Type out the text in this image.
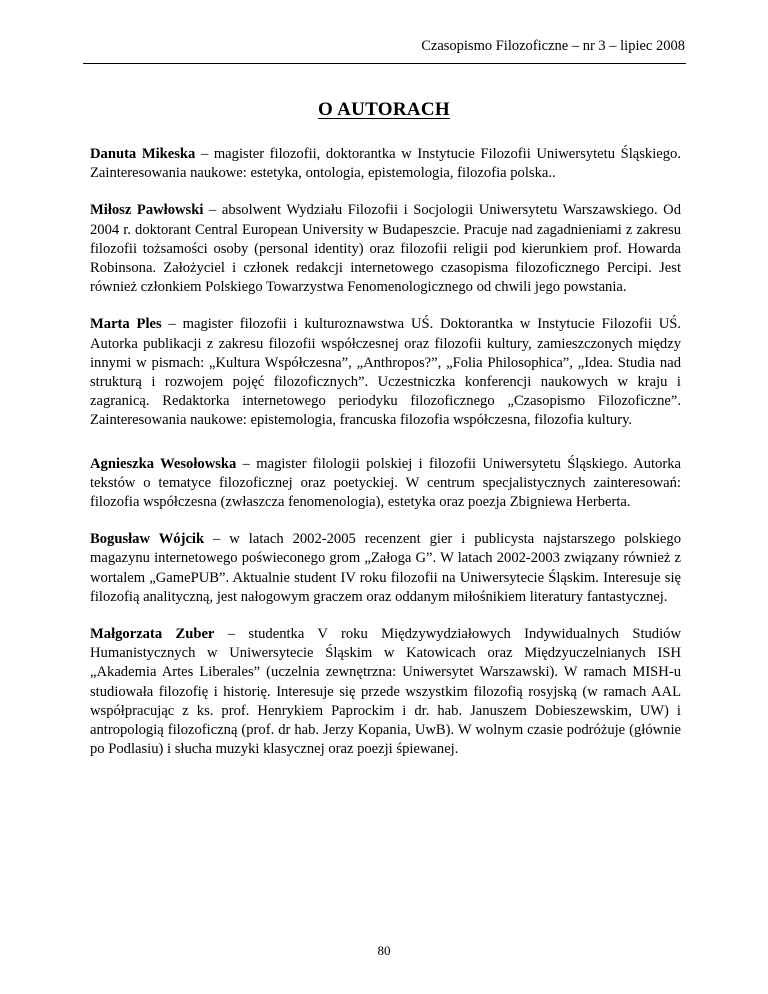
Czasopismo Filozoficzne – nr 3 – lipiec 2008
O AUTORACH

Danuta Mikeska – magister filozofii, doktorantka w Instytucie Filozofii Uniwersytetu Śląskiego. Zainteresowania naukowe: estetyka, ontologia, epistemologia, filozofia polska..

Miłosz Pawłowski – absolwent Wydziału Filozofii i Socjologii Uniwersytetu Warszawskiego. Od 2004 r. doktorant Central European University w Budapeszcie. Pracuje nad zagadnieniami z zakresu filozofii tożsamości osoby (personal identity) oraz filozofii religii pod kierunkiem prof. Howarda Robinsona. Założyciel i członek redakcji internetowego czasopisma filozoficznego Percipi. Jest również członkiem Polskiego Towarzystwa Fenomenologicznego od chwili jego powstania.

Marta Ples – magister filozofii i kulturoznawstwa UŚ. Doktorantka w Instytucie Filozofii UŚ. Autorka publikacji z zakresu filozofii współczesnej oraz filozofii kultury, zamieszczonych między innymi w pismach: „Kultura Współczesna”, „Anthropos?”, „Folia Philosophica”, „Idea. Studia nad strukturą i rozwojem pojęć filozoficznych”. Uczestniczka konferencji naukowych w kraju i zagranicą. Redaktorka internetowego periodyku filozoficznego „Czasopismo Filozoficzne”. Zainteresowania naukowe: epistemologia, francuska filozofia współczesna, filozofia kultury.

Agnieszka Wesołowska – magister filologii polskiej i filozofii Uniwersytetu Śląskiego. Autorka tekstów o tematyce filozoficznej oraz poetyckiej. W centrum specjalistycznych zainteresowań: filozofia współczesna (zwłaszcza fenomenologia), estetyka oraz poezja Zbigniewa Herberta.

Bogusław Wójcik – w latach 2002-2005 recenzent gier i publicysta najstarszego polskiego magazynu internetowego poświeconego grom „Załoga G”. W latach 2002-2003 związany również z wortalem „GamePUB”. Aktualnie student IV roku filozofii na Uniwersytecie Śląskim. Interesuje się filozofią analityczną, jest nałogowym graczem oraz oddanym miłośnikiem literatury fantastycznej.

Małgorzata Zuber – studentka V roku Międzywydziałowych Indywidualnych Studiów Humanistycznych w Uniwersytecie Śląskim w Katowicach oraz Międzyuczelnianych ISH „Akademia Artes Liberales” (uczelnia zewnętrzna: Uniwersytet Warszawski). W ramach MISH-u studiowała filozofię i historię. Interesuje się przede wszystkim filozofią rosyjską (w ramach AAL współpracując z ks. prof. Henrykiem Paprockim i dr. hab. Januszem Dobieszewskim, UW) i antropologią filozoficzną (prof. dr hab. Jerzy Kopania, UwB). W wolnym czasie podróżuje (głównie po Podlasiu) i słucha muzyki klasycznej oraz poezji śpiewanej.

80
